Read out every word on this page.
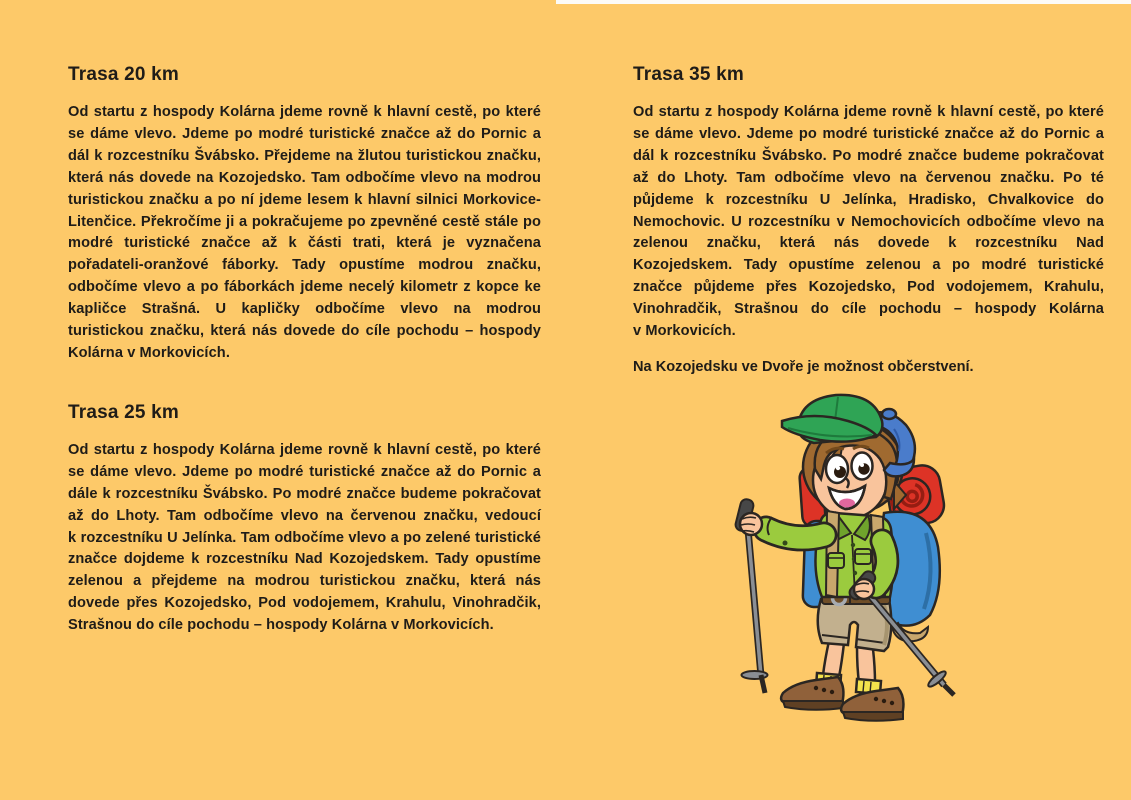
Trasa 20 km

Od startu z hospody Kolárna jdeme rovně k hlavní cestě, po které se dáme vlevo. Jdeme po modré turistické značce až do Pornic a dál k rozcestníku Švábsko. Přejdeme na žlutou turistickou značku, která nás dovede na Kozojedsko. Tam odbočíme vlevo na modrou turistickou značku a po ní jdeme lesem k hlavní silnici Morkovice-Litenčice. Překročíme ji a pokračujeme po zpevněné cestě stále po modré turistické značce až k části trati, která je vyznačena pořadateli-oranžové fáborky. Tady opustíme modrou značku, odbočíme vlevo a po fáborkách jdeme necelý kilometr z kopce ke kapličce Strašná. U kapličky odbočíme vlevo na modrou turistickou značku, která nás dovede do cíle pochodu – hospody Kolárna v Morkovicích.

Trasa 25 km

Od startu z hospody Kolárna jdeme rovně k hlavní cestě, po které se dáme vlevo. Jdeme po modré turistické značce až do Pornic a dále k rozcestníku Švábsko. Po modré značce budeme pokračovat až do Lhoty. Tam odbočíme vlevo na červenou značku, vedoucí k rozcestníku U Jelínka. Tam odbočíme vlevo a po zelené turistické značce dojdeme k rozcestníku Nad Kozojedskem. Tady opustíme zelenou a přejdeme na modrou turistickou značku, která nás dovede přes Kozojedsko, Pod vodojemem, Krahulu, Vinohradčik, Strašnou do cíle pochodu – hospody Kolárna v Morkovicích.

Trasa 35 km

Od startu z hospody Kolárna jdeme rovně k hlavní cestě, po které se dáme vlevo. Jdeme po modré turistické značce až do Pornic a dál k rozcestníku Švábsko. Po modré značce budeme pokračovat až do Lhoty. Tam odbočíme vlevo na červenou značku. Po té půjdeme k rozcestníku U Jelínka, Hradisko, Chvalkovice do Nemochovic. U rozcestníku v Nemochovicích odbočíme vlevo na zelenou značku, která nás dovede k rozcestníku Nad Kozojedskem. Tady opustíme zelenou a po modré turistické značce půjdeme přes Kozojedsko, Pod vodojemem, Krahulu, Vinohradčik, Strašnou do cíle pochodu – hospody Kolárna v Morkovicích.

Na Kozojedsku ve Dvoře je možnost občerstvení.
